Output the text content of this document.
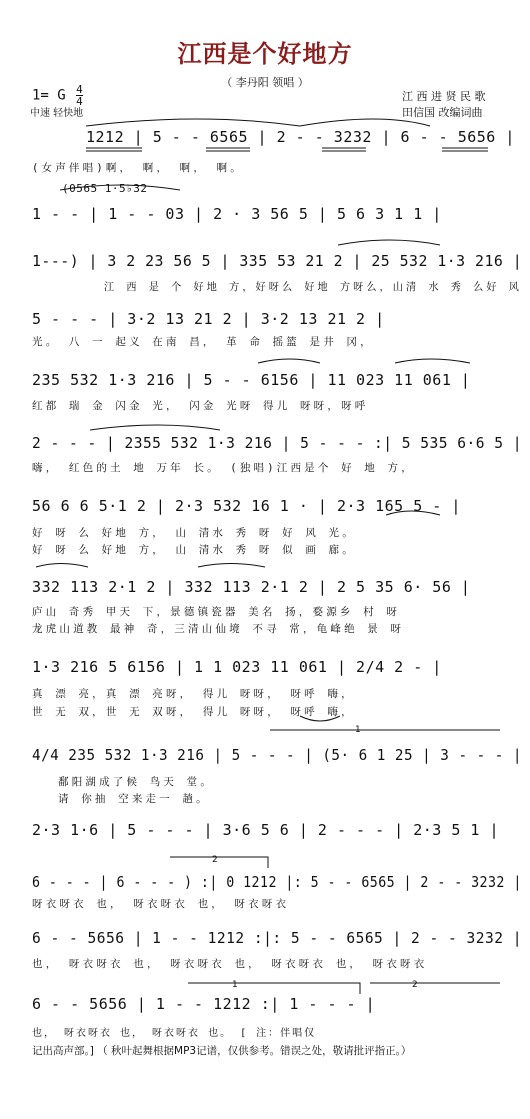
江西是个好地方
（ 李丹阳 领唱 ）
1= G $\frac{4}{4}$
中速 轻快地
江 西 进 贤 民 歌
田信国 改编词曲
1212 | 5 - - 6565 | 2 - - 3232 | 6 - - 5656 |
(女声伴唱)啊， 啊， 啊， 啊。
(0565 1·5♭32
1 - - | 1 - - 03 | 2 · 3 56 5 | 5 6 3 1 1 |
1---) | 3 2 23 56 5 | 335 53 21 2 | 25 532 1·3 216 |
江 西 是 个 好地 方，好呀么 好地 方呀么，山清 水 秀 么好 风
5 - - - | 3·2 13 21 2 | 3·2 13 21 2 |
光。 八 一 起义 在南 昌， 革 命 摇篮 是井 冈，
235 532 1·3 216 | 5 - - 6156 | 11 023 11 061 |
红都 瑞 金 闪金 光， 闪金 光呀 得儿 呀呀，呀呼
2 - - - | 2355 532 1·3 216 | 5 - - - :| 5 535 6·6 5 |
嗨， 红色的土 地 万年 长。 (独唱)江西是个 好 地 方，
56 6 6 5·1 2 | 2·3 532 16 1 · | 2·3 165 5 - |
好 呀 么 好地 方， 山 清水 秀 呀 好 风 光。
好 呀 么 好地 方， 山 清水 秀 呀 似 画 廊。
332 113 2·1 2 | 332 113 2·1 2 | 2 5 35 6· 56 |
庐山 奇秀 甲天 下，景德镇瓷器 美名 扬，婺源乡 村 呀
龙虎山道教 最神 奇，三清山仙境 不寻 常，龟峰绝 景 呀
1·3 216 5 6156 | 1 1 023 11 061 | 2/4 2 - |
真 漂 亮，真 漂 亮呀， 得儿 呀呀， 呀呼 嗨，
世 无 双，世 无 双呀， 得儿 呀呀， 呀呼 嗨，
4/4 235 532 1·3 216 | 5 - - - | (5· 6 1 25 | 3 - - - |
鄱阳湖成了候 鸟天 堂。
请 你抽 空来走一 趟。
2·3 1·6 | 5 - - - | 3·6 5 6 | 2 - - - | 2·3 5 1 |
6 - - - | 6 - - - ) :| 0 1212 |: 5 - - 6565 | 2 - - 3232 |
呀衣呀衣 也， 呀衣呀衣 也， 呀衣呀衣
6 - - 5656 | 1 - - 1212 :|: 5 - - 6565 | 2 - - 3232 |
也， 呀衣呀衣 也， 呀衣呀衣 也， 呀衣呀衣 也， 呀衣呀衣
6 - - 5656 | 1 - - 1212 :| 1 - - - |
也， 呀衣呀衣 也， 呀衣呀衣 也。 [ 注：伴唱仅
记出高声部。] （ 秋叶起舞根据MP3记谱，仅供参考。错误之处，敬请批评指正。）
1
2
1	2
